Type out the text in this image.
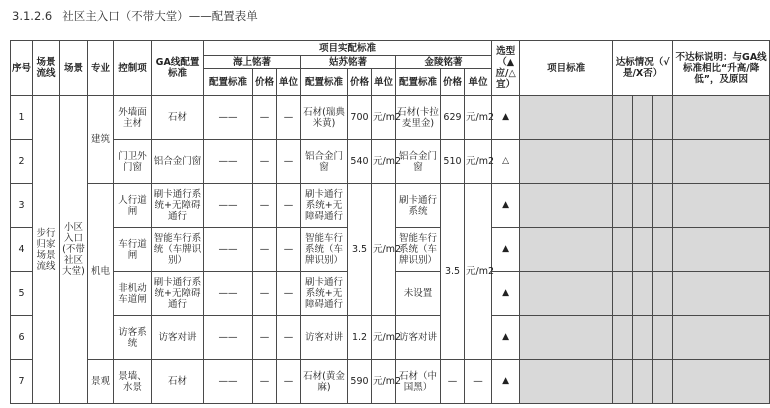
3.1.2.6 社区主入口（不带大堂）——配置表单
序号	场景流线	场景	专业	控制项	GA线配置标准	项目实配标准									选型（▲应/△宜）	项目标准	达标情况（√是/X否）			不达标说明：与GA线标准相比“升高/降低”，及原因
						海上铭著			姑苏铭著			金陵铭著								
						配置标准	价格	单位	配置标准	价格	单位	配置标准	价格	单位						
1	步行归家场景流线	小区入口(不带社区大堂)	建筑	外墙面主材	石材	——	—	—	石材(瑞典米黄)	700	元/m2	石材(卡拉麦里金)	629	元/m2	▲					
2				门卫外门窗	铝合金门窗	——	—	—	铝合金门窗	540	元/m2	铝合金门窗	510	元/m2	△					
3			机电	人行道闸	刷卡通行系统+无障碍通行	——	—	—	刷卡通行系统+无障碍通行	3.5	元/m2	刷卡通行系统	3.5	元/m2	▲					
4				车行道闸	智能车行系统（车牌识别）	——	—	—	智能车行系统（车牌识别）			智能车行系统（车牌识别）			▲					
5				非机动车道闸	刷卡通行系统+无障碍通行	——	—	—	刷卡通行系统+无障碍通行			未设置			▲					
6				访客系统	访客对讲	——	—	—	访客对讲	1.2	元/m2	访客对讲			▲					
7			景观	景墙、水景	石材	——	—	—	石材(黄金麻)	590	元/m2	石材（中国黑）	—	—	▲					
